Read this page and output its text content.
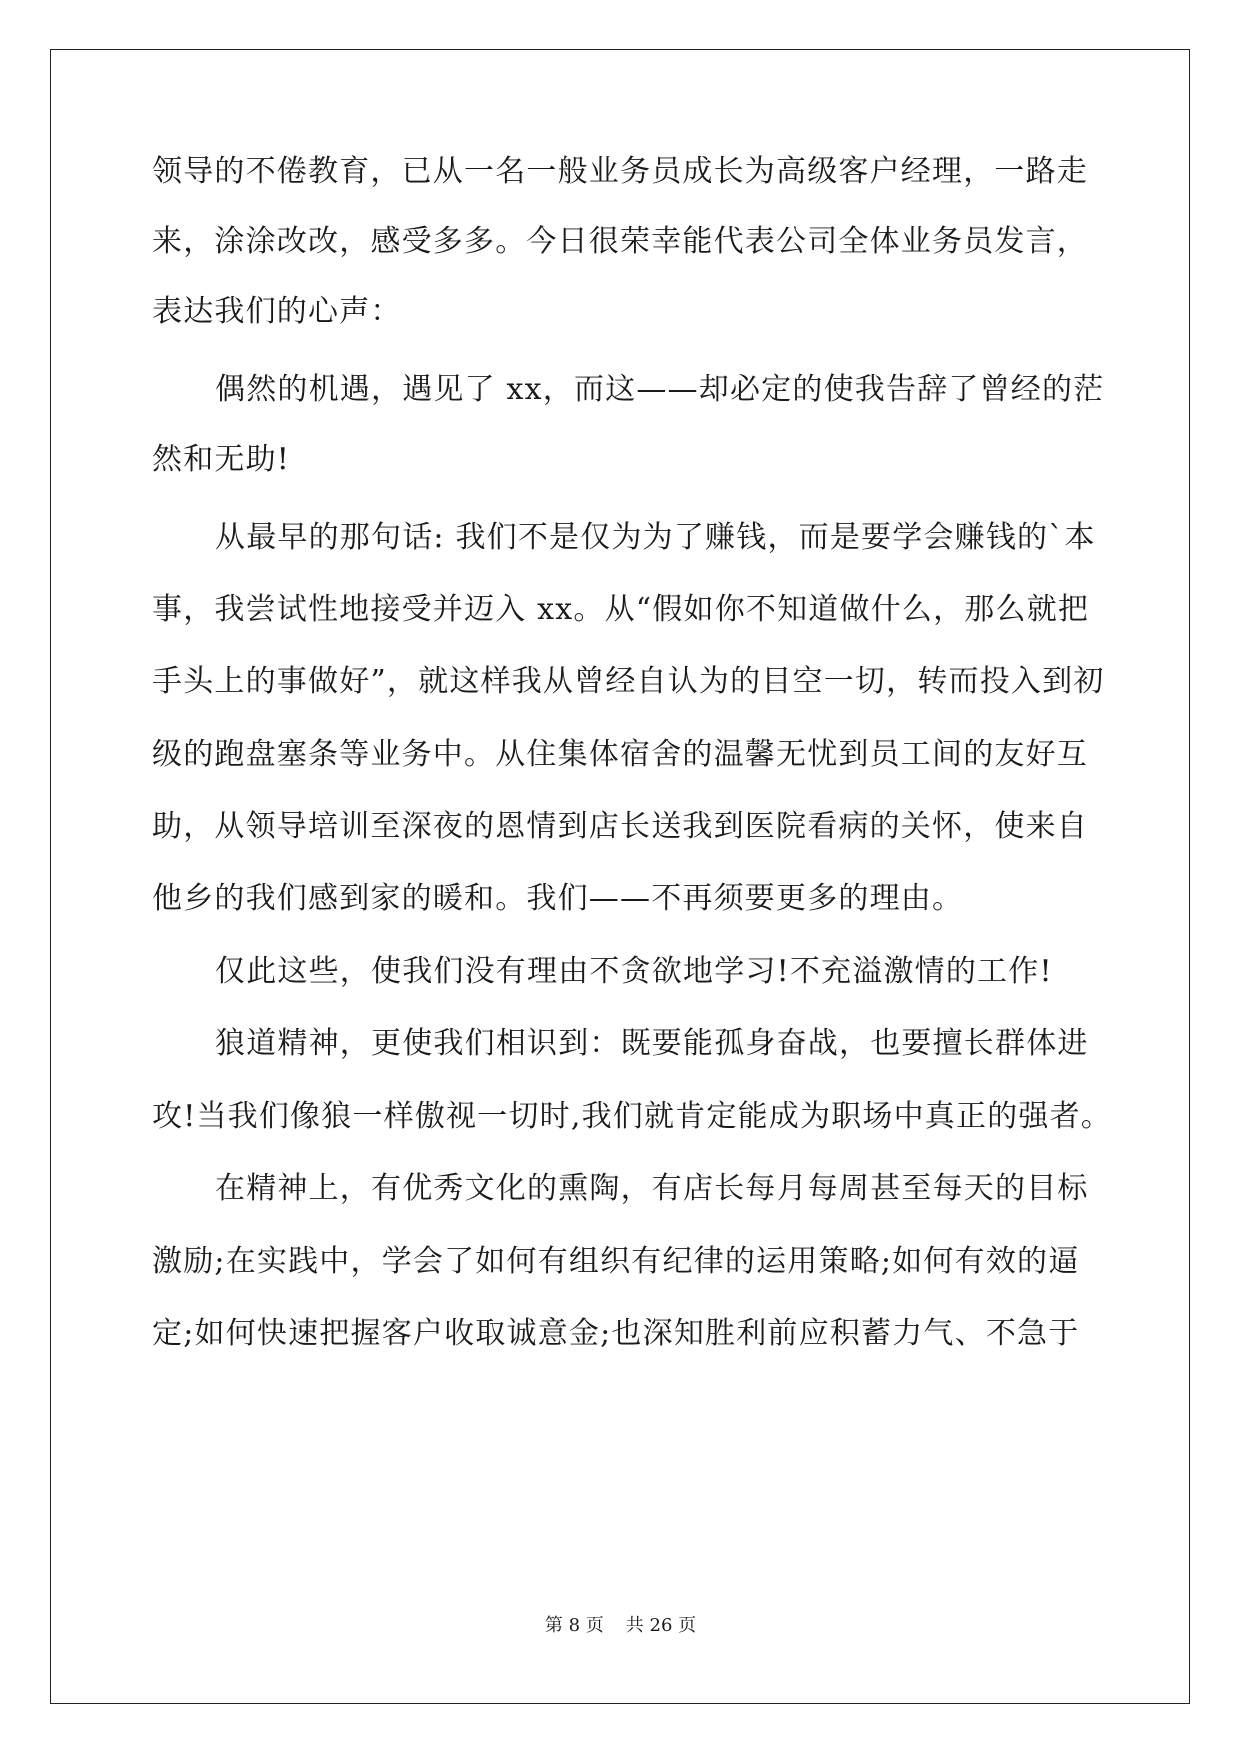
领导的不倦教育，已从一名一般业务员成长为高级客户经理，一路走
来，涂涂改改，感受多多。今日很荣幸能代表公司全体业务员发言，
表达我们的心声：
偶然的机遇，遇见了 xx，而这——却必定的使我告辞了曾经的茫
然和无助!
从最早的那句话: 我们不是仅为为了赚钱，而是要学会赚钱的`本
事，我尝试性地接受并迈入 xx。从“假如你不知道做什么，那么就把
手头上的事做好”，就这样我从曾经自认为的目空一切，转而投入到初
级的跑盘塞条等业务中。从住集体宿舍的温馨无忧到员工间的友好互
助，从领导培训至深夜的恩情到店长送我到医院看病的关怀，使来自
他乡的我们感到家的暖和。我们——不再须要更多的理由。
仅此这些，使我们没有理由不贪欲地学习!不充溢激情的工作!
狼道精神，更使我们相识到：既要能孤身奋战，也要擅长群体进
攻!当我们像狼一样傲视一切时,我们就肯定能成为职场中真正的强者。
在精神上，有优秀文化的熏陶，有店长每月每周甚至每天的目标
激励;在实践中，学会了如何有组织有纪律的运用策略;如何有效的逼
定;如何快速把握客户收取诚意金;也深知胜利前应积蓄力气、不急于
第 8 页 共 26 页
